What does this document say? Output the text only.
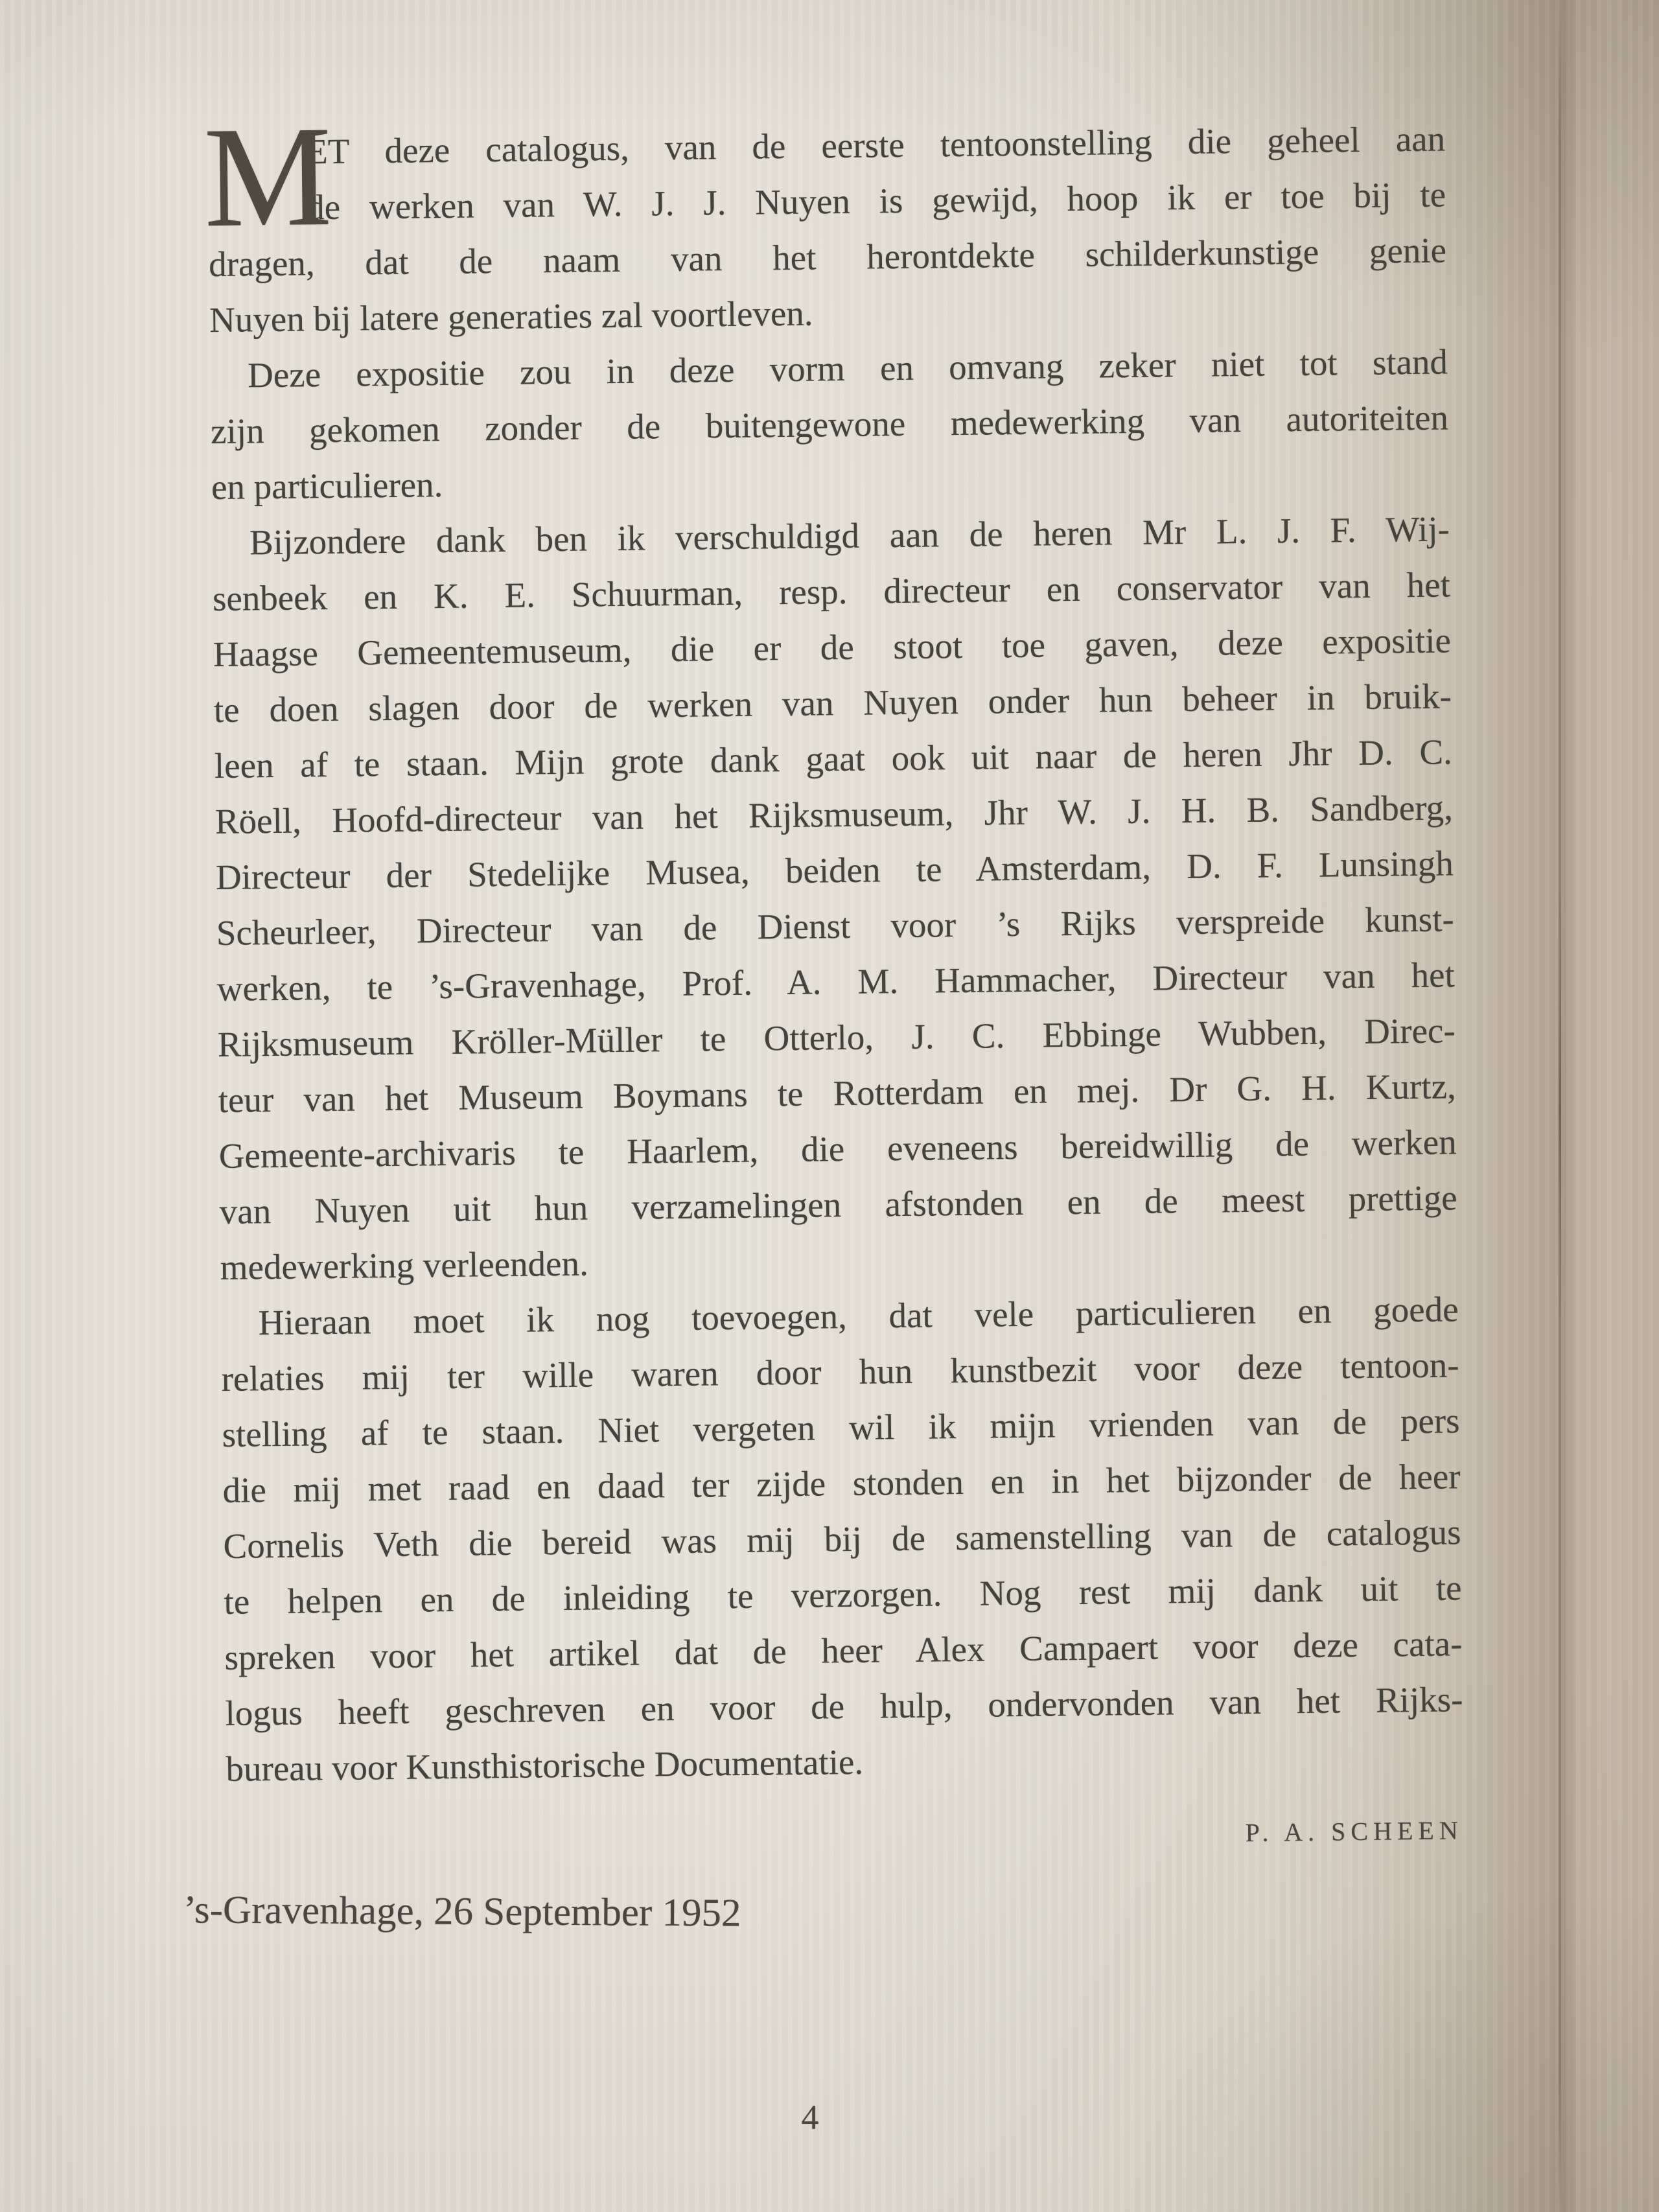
M
ET deze catalogus, van de eerste tentoonstelling die geheel aan
de werken van W. J. J. Nuyen is gewijd, hoop ik er toe bij te
dragen, dat de naam van het herontdekte schilderkunstige genie
Nuyen bij latere generaties zal voortleven.
Deze expositie zou in deze vorm en omvang zeker niet tot stand
zijn gekomen zonder de buitengewone medewerking van autoriteiten
en particulieren.
Bijzondere dank ben ik verschuldigd aan de heren Mr L. J. F. Wij-
senbeek en K. E. Schuurman, resp. directeur en conservator van het
Haagse Gemeentemuseum, die er de stoot toe gaven, deze expositie
te doen slagen door de werken van Nuyen onder hun beheer in bruik-
leen af te staan. Mijn grote dank gaat ook uit naar de heren Jhr D. C.
Röell, Hoofd-directeur van het Rijksmuseum, Jhr W. J. H. B. Sandberg,
Directeur der Stedelijke Musea, beiden te Amsterdam, D. F. Lunsingh
Scheurleer, Directeur van de Dienst voor ’s Rijks verspreide kunst-
werken, te ’s-Gravenhage, Prof. A. M. Hammacher, Directeur van het
Rijksmuseum Kröller-Müller te Otterlo, J. C. Ebbinge Wubben, Direc-
teur van het Museum Boymans te Rotterdam en mej. Dr G. H. Kurtz,
Gemeente-archivaris te Haarlem, die eveneens bereidwillig de werken
van Nuyen uit hun verzamelingen afstonden en de meest prettige
medewerking verleenden.
Hieraan moet ik nog toevoegen, dat vele particulieren en goede
relaties mij ter wille waren door hun kunstbezit voor deze tentoon-
stelling af te staan. Niet vergeten wil ik mijn vrienden van de pers
die mij met raad en daad ter zijde stonden en in het bijzonder de heer
Cornelis Veth die bereid was mij bij de samenstelling van de catalogus
te helpen en de inleiding te verzorgen. Nog rest mij dank uit te
spreken voor het artikel dat de heer Alex Campaert voor deze cata-
logus heeft geschreven en voor de hulp, ondervonden van het Rijks-
bureau voor Kunsthistorische Documentatie.
P. A. SCHEEN
’s-Gravenhage, 26 September 1952
4
